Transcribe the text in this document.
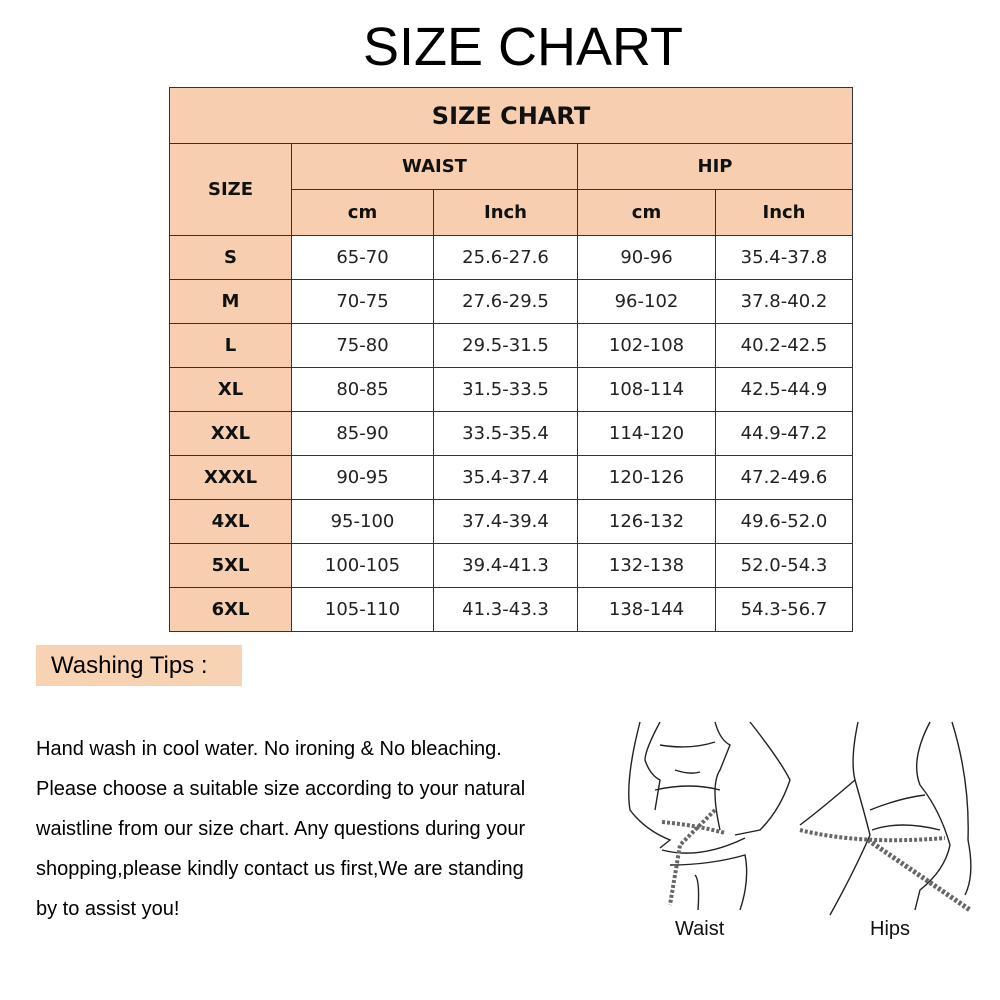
SIZE CHART
SIZE CHART				
SIZE	WAIST		HIP	
	cm	Inch	cm	Inch
S	65-70	25.6-27.6	90-96	35.4-37.8
M	70-75	27.6-29.5	96-102	37.8-40.2
L	75-80	29.5-31.5	102-108	40.2-42.5
XL	80-85	31.5-33.5	108-114	42.5-44.9
XXL	85-90	33.5-35.4	114-120	44.9-47.2
XXXL	90-95	35.4-37.4	120-126	47.2-49.6
4XL	95-100	37.4-39.4	126-132	49.6-52.0
5XL	100-105	39.4-41.3	132-138	52.0-54.3
6XL	105-110	41.3-43.3	138-144	54.3-56.7
Washing Tips :
Hand wash in cool water. No ironing & No bleaching.
Please choose a suitable size according to your natural
waistline from our size chart. Any questions during your
shopping,please kindly contact us first,We are standing
by to assist you!
Waist	Hips
